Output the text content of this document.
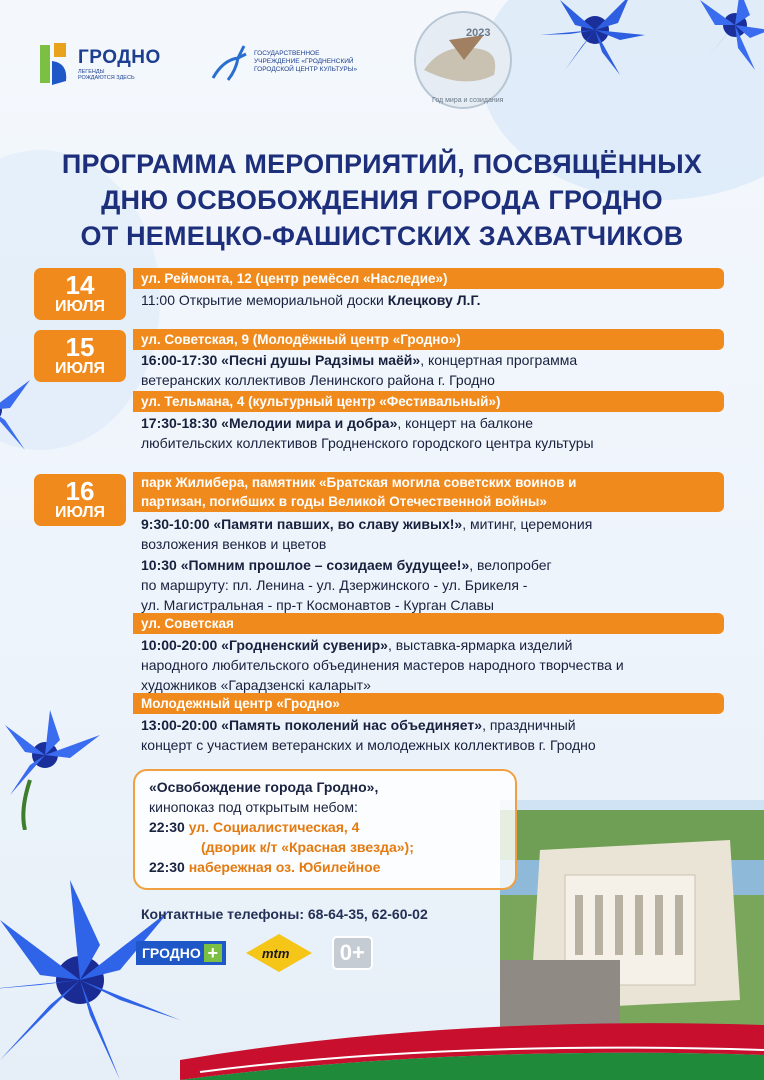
ГРОДНО
ЛЕГЕНДЫ РОЖДАЮТСЯ ЗДЕСЬ
ГОСУДАРСТВЕННОЕ УЧРЕЖДЕНИЕ «ГРОДНЕНСКИЙ ГОРОДСКОЙ ЦЕНТР КУЛЬТУРЫ»
2023
Год мира и созидания
ПРОГРАММА МЕРОПРИЯТИЙ, ПОСВЯЩЁННЫХ
ДНЮ ОСВОБОЖДЕНИЯ ГОРОДА ГРОДНО
ОТ НЕМЕЦКО-ФАШИСТСКИХ ЗАХВАТЧИКОВ
14
ИЮЛЯ
15
ИЮЛЯ
16
ИЮЛЯ
ул. Реймонта, 12 (центр ремёсел «Наследие»)
11:00 Открытие мемориальной доски Клецкову Л.Г.
ул. Советская, 9 (Молодёжный центр «Гродно»)
16:00-17:30 «Песні душы Радзімы маёй», концертная программа
ветеранских коллективов Ленинского района г. Гродно
ул. Тельмана, 4 (культурный центр «Фестивальный»)
17:30-18:30 «Мелодии мира и добра», концерт на балконе
любительских коллективов Гродненского городского центра культуры
парк Жилибера, памятник «Братская могила советских воинов и
партизан, погибших в годы Великой Отечественной войны»
9:30-10:00 «Памяти павших, во славу живых!», митинг, церемония
возложения венков и цветов
10:30 «Помним прошлое – созидаем будущее!», велопробег
по маршруту: пл. Ленина - ул. Дзержинского - ул. Брикеля -
ул. Магистральная - пр-т Космонавтов - Курган Славы
ул. Советская
10:00-20:00 «Гродненский сувенир», выставка-ярмарка изделий
народного любительского объединения мастеров народного творчества и
художников «Гарадзенскі каларыт»
Молодежный центр «Гродно»
13:00-20:00 «Память поколений нас объединяет», праздничный
концерт с участием ветеранских и молодежных коллективов г. Гродно
«Освобождение города Гродно»,
кинопоказ под открытым небом:
22:30 ул. Социалистическая, 4
(дворик к/т «Красная звезда»);
22:30 набережная оз. Юбилейное
Контактные телефоны: 68-64-35, 62-60-02
ГРОДНО +	mtm	0+
